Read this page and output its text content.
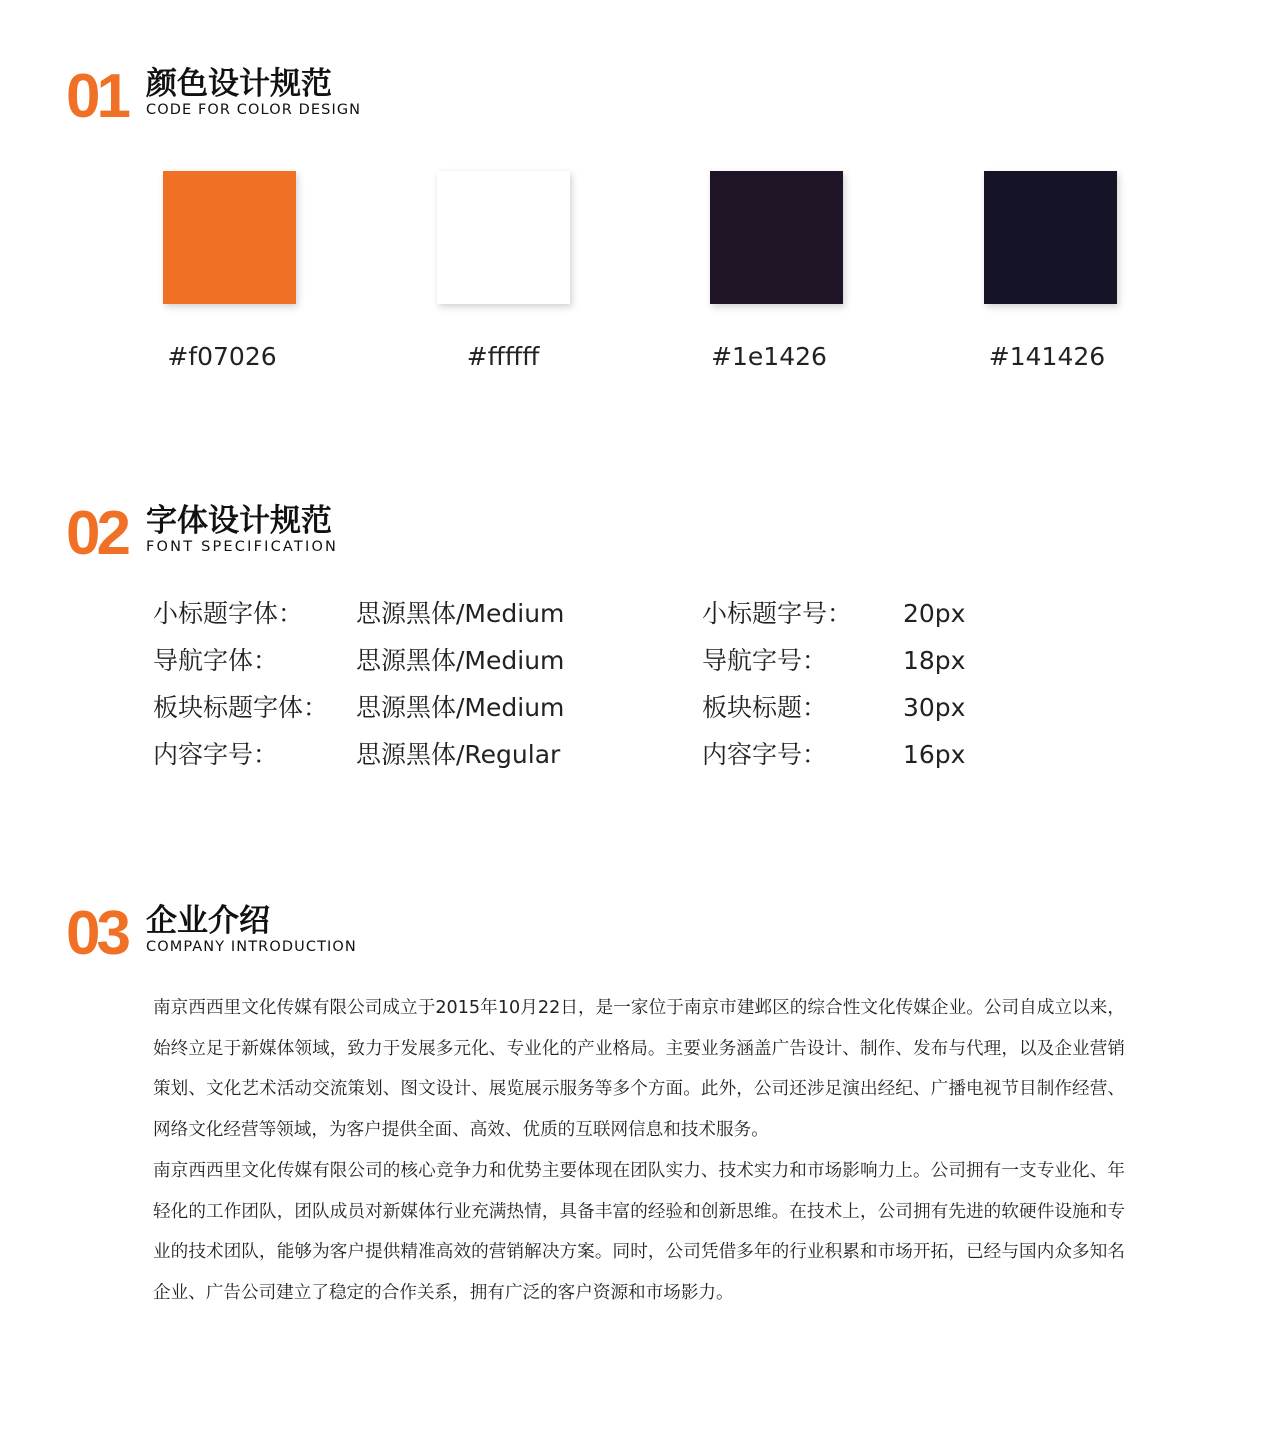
01 颜色设计规范
CODE FOR COLOR DESIGN
#f07026	#ffffff	#1e1426	#141426
02 字体设计规范
FONT SPECIFICATION
小标题字体： 思源黑体/Medium	小标题字号： 20px
导航字体：	思源黑体/Medium	导航字号：	18px
板块标题字体： 思源黑体/Medium	板块标题：	30px
内容字号：	思源黑体/Regular	内容字号：	16px
03 企业介绍
COMPANY INTRODUCTION

南京西西里文化传媒有限公司成立于2015年10月22日，是一家位于南京市建邺区的综合性文化传媒企业。公司自成立以来，始终立足于新媒体领域，致力于发展多元化、专业化的产业格局。主要业务涵盖广告设计、制作、发布与代理，以及企业营销策划、文化艺术活动交流策划、图文设计、展览展示服务等多个方面。此外，公司还涉足演出经纪、广播电视节目制作经营、网络文化经营等领域，为客户提供全面、高效、优质的互联网信息和技术服务。

南京西西里文化传媒有限公司的核心竞争力和优势主要体现在团队实力、技术实力和市场影响力上。公司拥有一支专业化、年轻化的工作团队，团队成员对新媒体行业充满热情，具备丰富的经验和创新思维。在技术上，公司拥有先进的软硬件设施和专业的技术团队，能够为客户提供精准高效的营销解决方案。同时，公司凭借多年的行业积累和市场开拓，已经与国内众多知名企业、广告公司建立了稳定的合作关系，拥有广泛的客户资源和市场影力。
